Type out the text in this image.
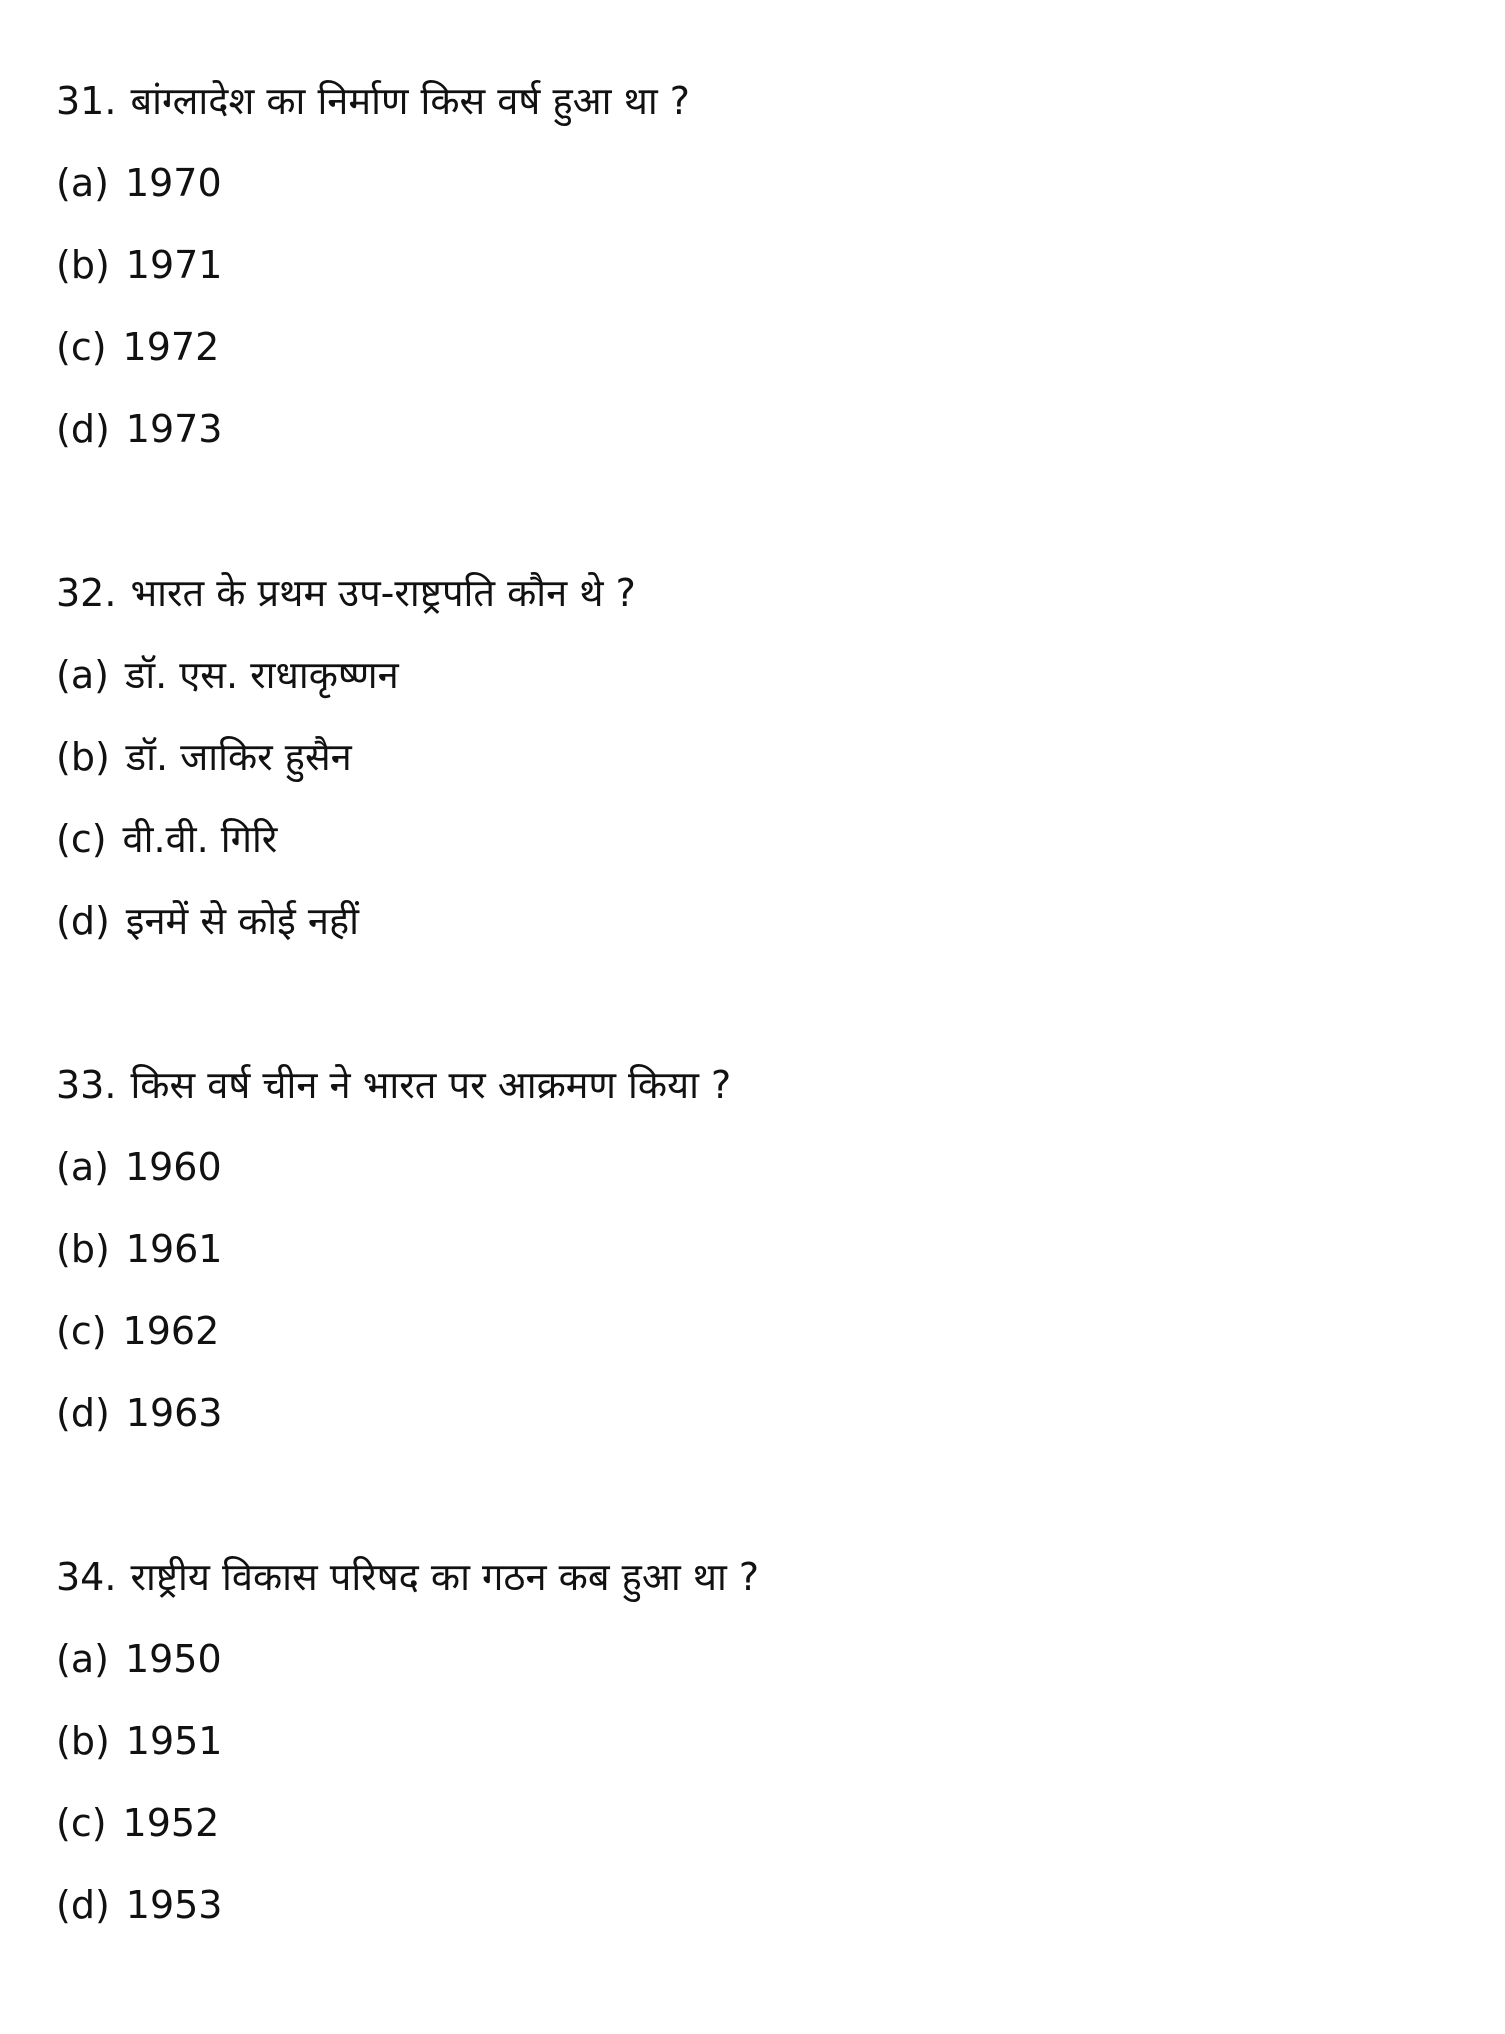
31. बांग्लादेश का निर्माण किस वर्ष हुआ था ?
(a) 1970
(b) 1971
(c) 1972
(d) 1973
32. भारत के प्रथम उप-राष्ट्रपति कौन थे ?
(a) डॉ. एस. राधाकृष्णन
(b) डॉ. जाकिर हुसैन
(c) वी.वी. गिरि
(d) इनमें से कोई नहीं
33. किस वर्ष चीन ने भारत पर आक्रमण किया ?
(a) 1960
(b) 1961
(c) 1962
(d) 1963
34. राष्ट्रीय विकास परिषद का गठन कब हुआ था ?
(a) 1950
(b) 1951
(c) 1952
(d) 1953
